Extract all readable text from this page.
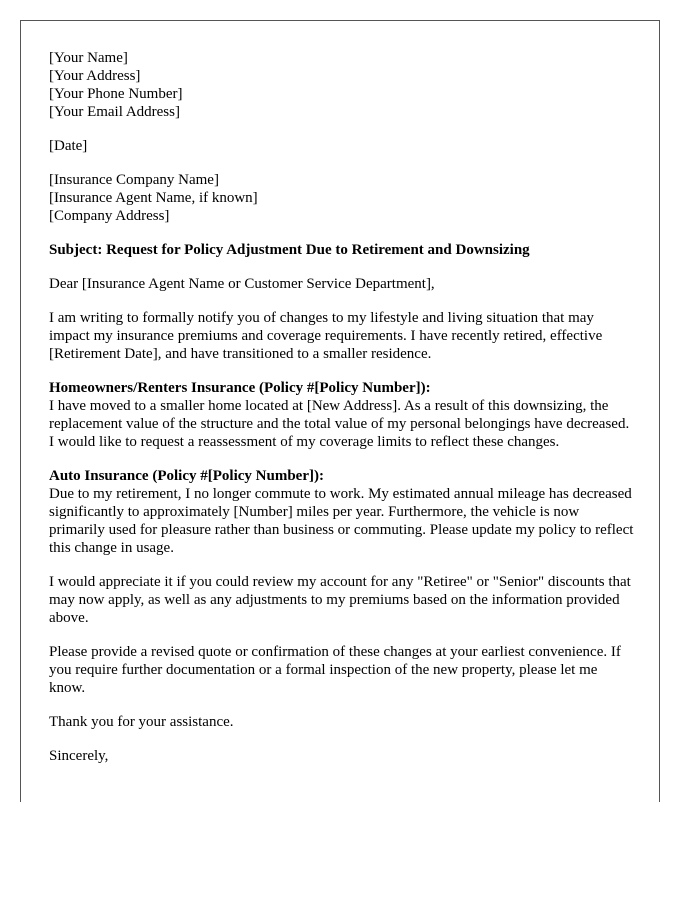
[Your Name]
[Your Address]
[Your Phone Number]
[Your Email Address]
[Date]
[Insurance Company Name]
[Insurance Agent Name, if known]
[Company Address]

Subject: Request for Policy Adjustment Due to Retirement and Downsizing

Dear [Insurance Agent Name or Customer Service Department],

I am writing to formally notify you of changes to my lifestyle and living situation that may impact my insurance premiums and coverage requirements. I have recently retired, effective [Retirement Date], and have transitioned to a smaller residence.

Homeowners/Renters Insurance (Policy #[Policy Number]):
I have moved to a smaller home located at [New Address]. As a result of this downsizing, the replacement value of the structure and the total value of my personal belongings have decreased. I would like to request a reassessment of my coverage limits to reflect these changes.
Auto Insurance (Policy #[Policy Number]):
Due to my retirement, I no longer commute to work. My estimated annual mileage has decreased significantly to approximately [Number] miles per year. Furthermore, the vehicle is now primarily used for pleasure rather than business or commuting. Please update my policy to reflect this change in usage.

I would appreciate it if you could review my account for any "Retiree" or "Senior" discounts that may now apply, as well as any adjustments to my premiums based on the information provided above.

Please provide a revised quote or confirmation of these changes at your earliest convenience. If you require further documentation or a formal inspection of the new property, please let me know.

Thank you for your assistance.

Sincerely,
